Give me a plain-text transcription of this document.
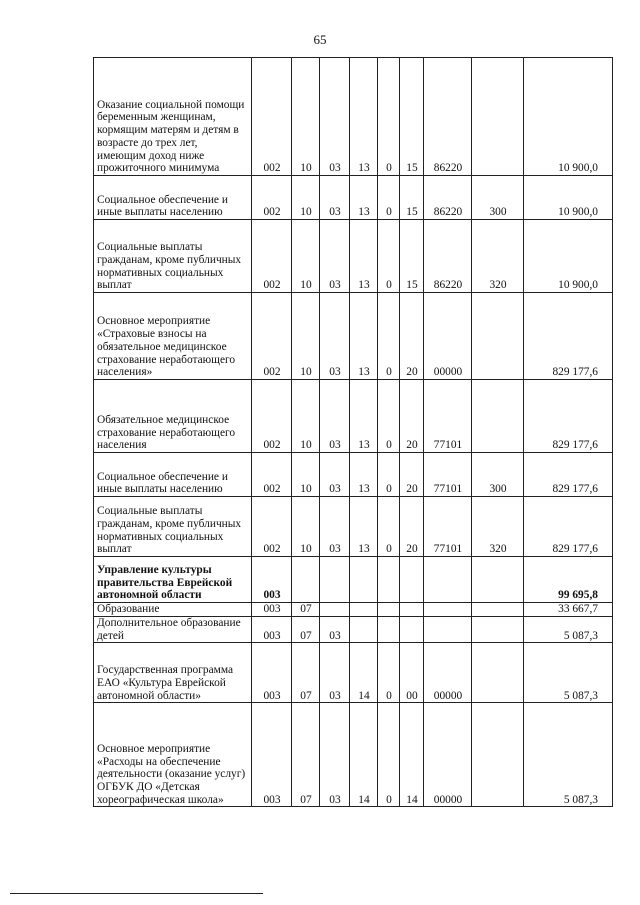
65
Оказание социальной помощи беременным женщинам, кормящим матерям и детям в возрасте до трех лет, имеющим доход ниже прожиточного минимума	002	10	03	13	0	15	86220		10 900,0
Социальное обеспечение и иные выплаты населению	002	10	03	13	0	15	86220	300	10 900,0
Социальные выплаты гражданам, кроме публичных нормативных социальных выплат	002	10	03	13	0	15	86220	320	10 900,0
Основное мероприятие «Страховые взносы на обязательное медицинское страхование неработающего населения»	002	10	03	13	0	20	00000		829 177,6
Обязательное медицинское страхование неработающего населения	002	10	03	13	0	20	77101		829 177,6
Социальное обеспечение и иные выплаты населению	002	10	03	13	0	20	77101	300	829 177,6
Социальные выплаты гражданам, кроме публичных нормативных социальных выплат	002	10	03	13	0	20	77101	320	829 177,6
Управление культуры правительства Еврейской автономной области	003								99 695,8
Образование	003	07							33 667,7
Дополнительное образование детей	003	07	03						5 087,3
Государственная программа ЕАО «Культура Еврейской автономной области»	003	07	03	14	0	00	00000		5 087,3
Основное мероприятие «Расходы на обеспечение деятельности (оказание услуг) ОГБУК ДО «Детская хореографическая школа»	003	07	03	14	0	14	00000		5 087,3
